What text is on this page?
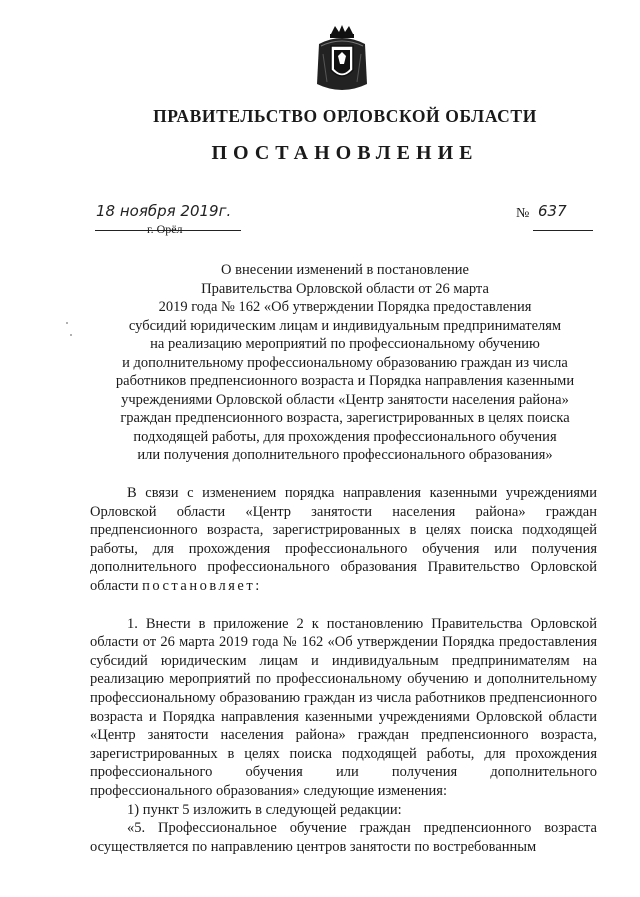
ПРАВИТЕЛЬСТВО ОРЛОВСКОЙ ОБЛАСТИ
ПОСТАНОВЛЕНИЕ
18 ноября 2019г.
г. Орёл
№ 637
О внесении изменений в постановление
Правительства Орловской области от 26 марта
2019 года № 162 «Об утверждении Порядка предоставления
субсидий юридическим лицам и индивидуальным предпринимателям
на реализацию мероприятий по профессиональному обучению
и дополнительному профессиональному образованию граждан из числа
работников предпенсионного возраста и Порядка направления казенными
учреждениями Орловской области «Центр занятости населения района»
граждан предпенсионного возраста, зарегистрированных в целях поиска
подходящей работы, для прохождения профессионального обучения
или получения дополнительного профессионального образования»

В связи с изменением порядка направления казенными учреждениями Орловской области «Центр занятости населения района» граждан предпенсионного возраста, зарегистрированных в целях поиска подходящей работы, для прохождения профессионального обучения или получения дополнительного профессионального образования Правительство Орловской области постановляет:

1. Внести в приложение 2 к постановлению Правительства Орловской области от 26 марта 2019 года № 162 «Об утверждении Порядка предоставления субсидий юридическим лицам и индивидуальным предпринимателям на реализацию мероприятий по профессиональному обучению и дополнительному профессиональному образованию граждан из числа работников предпенсионного возраста и Порядка направления казенными учреждениями Орловской области «Центр занятости населения района» граждан предпенсионного возраста, зарегистрированных в целях поиска подходящей работы, для прохождения профессионального обучения или получения дополнительного профессионального образования» следующие изменения:

1) пункт 5 изложить в следующей редакции:

«5. Профессиональное обучение граждан предпенсионного возраста осуществляется по направлению центров занятости по востребованным
